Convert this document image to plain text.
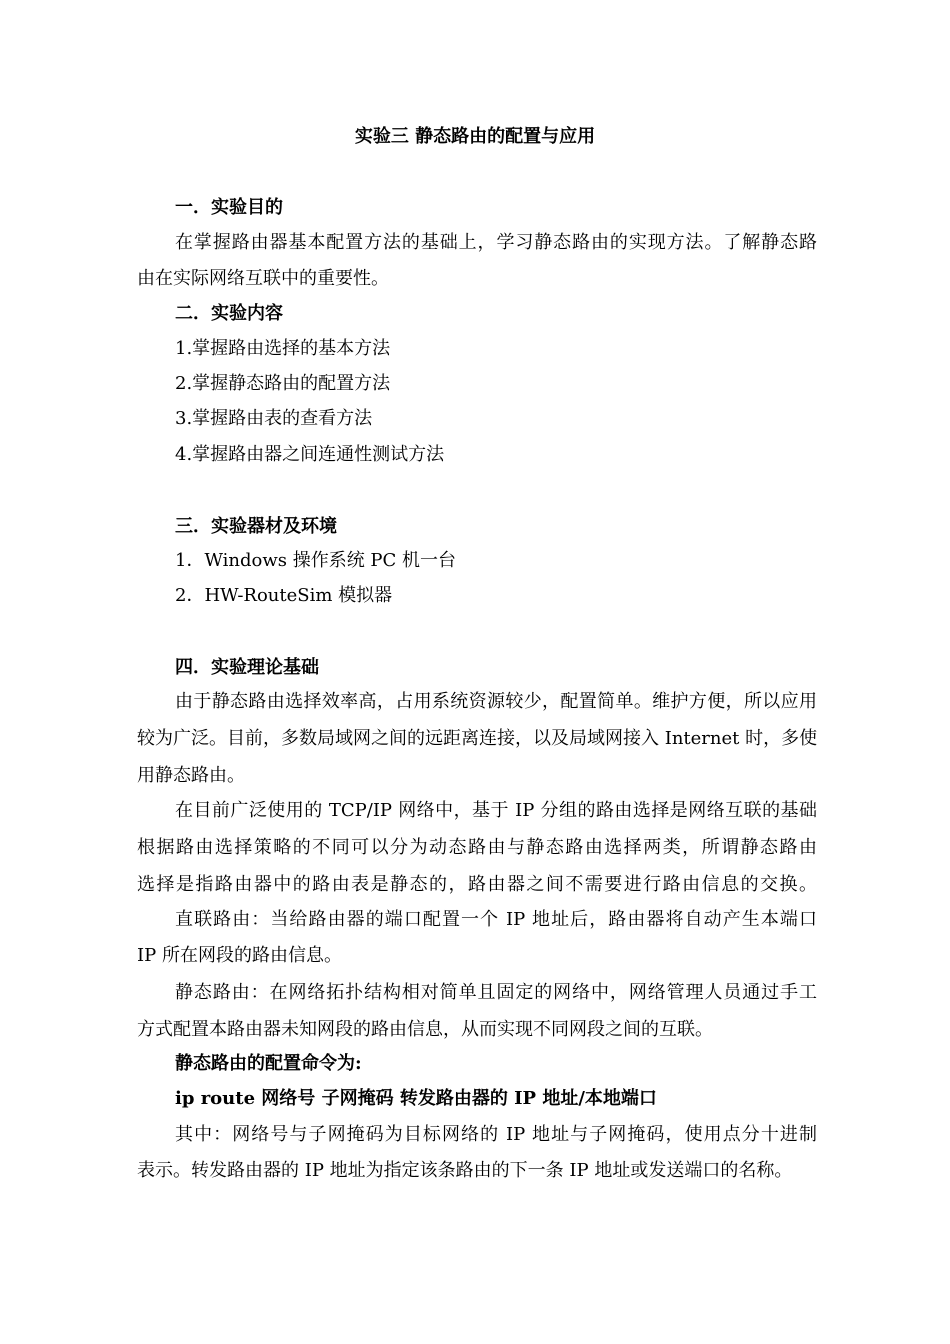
实验三 静态路由的配置与应用
一．实验目的
在掌握路由器基本配置方法的基础上，学习静态路由的实现方法。了解静态路
由在实际网络互联中的重要性。
二．实验内容
1.掌握路由选择的基本方法
2.掌握静态路由的配置方法
3.掌握路由表的查看方法
4.掌握路由器之间连通性测试方法
三．实验器材及环境
1．Windows 操作系统 PC 机一台
2．HW-RouteSim 模拟器
四．实验理论基础
由于静态路由选择效率高，占用系统资源较少，配置简单。维护方便，所以应用
较为广泛。目前，多数局域网之间的远距离连接，以及局域网接入 Internet 时，多使
用静态路由。
在目前广泛使用的 TCP/IP 网络中，基于 IP 分组的路由选择是网络互联的基础
根据路由选择策略的不同可以分为动态路由与静态路由选择两类，所谓静态路由
选择是指路由器中的路由表是静态的，路由器之间不需要进行路由信息的交换。
直联路由：当给路由器的端口配置一个 IP 地址后，路由器将自动产生本端口
IP 所在网段的路由信息。
静态路由：在网络拓扑结构相对简单且固定的网络中，网络管理人员通过手工
方式配置本路由器未知网段的路由信息，从而实现不同网段之间的互联。
静态路由的配置命令为:
ip route 网络号 子网掩码 转发路由器的 IP 地址/本地端口
其中：网络号与子网掩码为目标网络的 IP 地址与子网掩码，使用点分十进制
表示。转发路由器的 IP 地址为指定该条路由的下一条 IP 地址或发送端口的名称。
